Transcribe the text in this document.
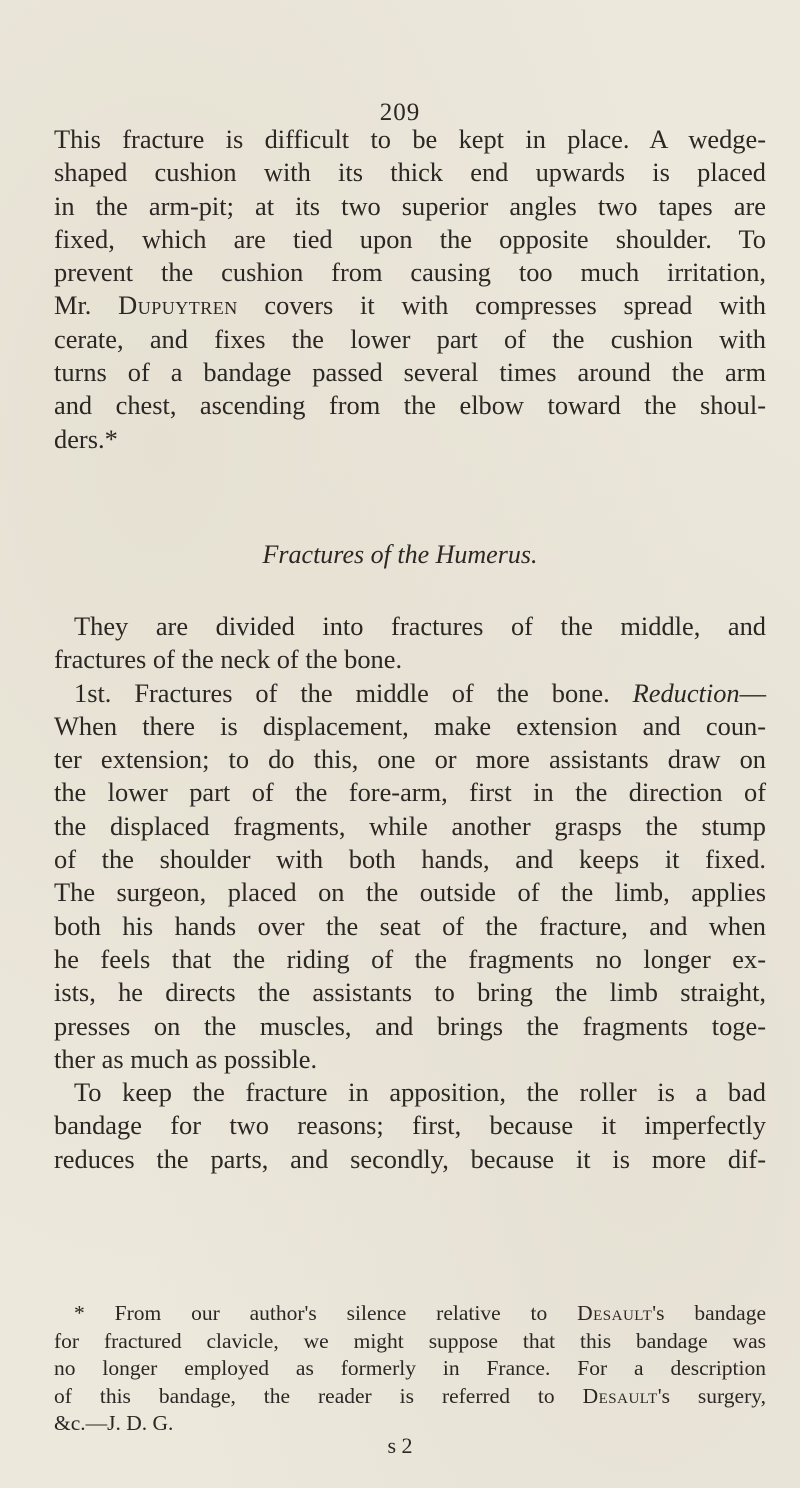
209
This fracture is difficult to be kept in place. A wedge-
shaped cushion with its thick end upwards is placed
in the arm-pit; at its two superior angles two tapes are
fixed, which are tied upon the opposite shoulder. To
prevent the cushion from causing too much irritation,
Mr. Dupuytren covers it with compresses spread with
cerate, and fixes the lower part of the cushion with
turns of a bandage passed several times around the arm
and chest, ascending from the elbow toward the shoul-
ders.*
Fractures of the Humerus.
They are divided into fractures of the middle, and
fractures of the neck of the bone.
1st. Fractures of the middle of the bone. Reduction—
When there is displacement, make extension and coun-
ter extension; to do this, one or more assistants draw on
the lower part of the fore-arm, first in the direction of
the displaced fragments, while another grasps the stump
of the shoulder with both hands, and keeps it fixed.
The surgeon, placed on the outside of the limb, applies
both his hands over the seat of the fracture, and when
he feels that the riding of the fragments no longer ex-
ists, he directs the assistants to bring the limb straight,
presses on the muscles, and brings the fragments toge-
ther as much as possible.
To keep the fracture in apposition, the roller is a bad
bandage for two reasons; first, because it imperfectly
reduces the parts, and secondly, because it is more dif-
* From our author's silence relative to Desault's bandage
for fractured clavicle, we might suppose that this bandage was
no longer employed as formerly in France. For a description
of this bandage, the reader is referred to Desault's surgery,
&c.—J. D. G.
s 2
